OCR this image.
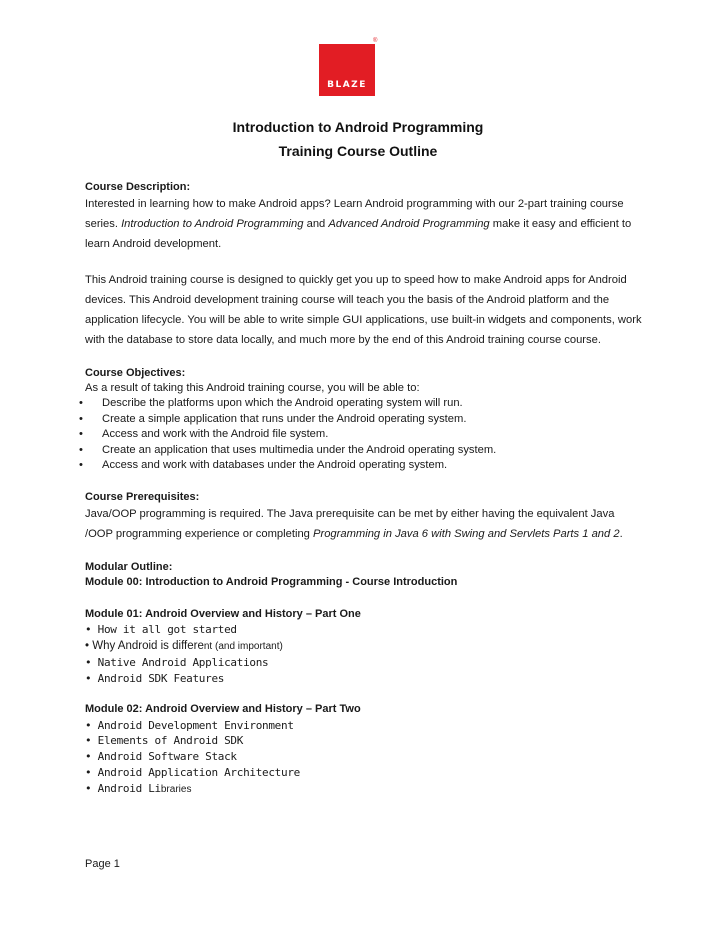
BLAZE
®
Introduction to Android Programming
Training Course Outline
Course Description:

Interested in learning how to make Android apps? Learn Android programming with our 2-part training course series. Introduction to Android Programming and Advanced Android Programming make it easy and efficient to learn Android development.

This Android training course is designed to quickly get you up to speed how to make Android apps for Android devices. This Android development training course will teach you the basis of the Android platform and the application lifecycle. You will be able to write simple GUI applications, use built-in widgets and components, work with the database to store data locally, and much more by the end of this Android training course course.

Course Objectives:
As a result of taking this Android training course, you will be able to:
• Describe the platforms upon which the Android operating system will run.
• Create a simple application that runs under the Android operating system.
• Access and work with the Android file system.
• Create an application that uses multimedia under the Android operating system.
• Access and work with databases under the Android operating system.
Course Prerequisites:

Java/OOP programming is required. The Java prerequisite can be met by either having the equivalent Java /OOP programming experience or completing Programming in Java 6 with Swing and Servlets Parts 1 and 2.

Modular Outline:
Module 00: Introduction to Android Programming - Course Introduction
Module 01: Android Overview and History – Part One
• How it all got started
• Why Android is different (and important)
• Native Android Applications
• Android SDK Features
Module 02: Android Overview and History – Part Two
• Android Development Environment
• Elements of Android SDK
• Android Software Stack
• Android Application Architecture
• Android Libraries
Page 1
